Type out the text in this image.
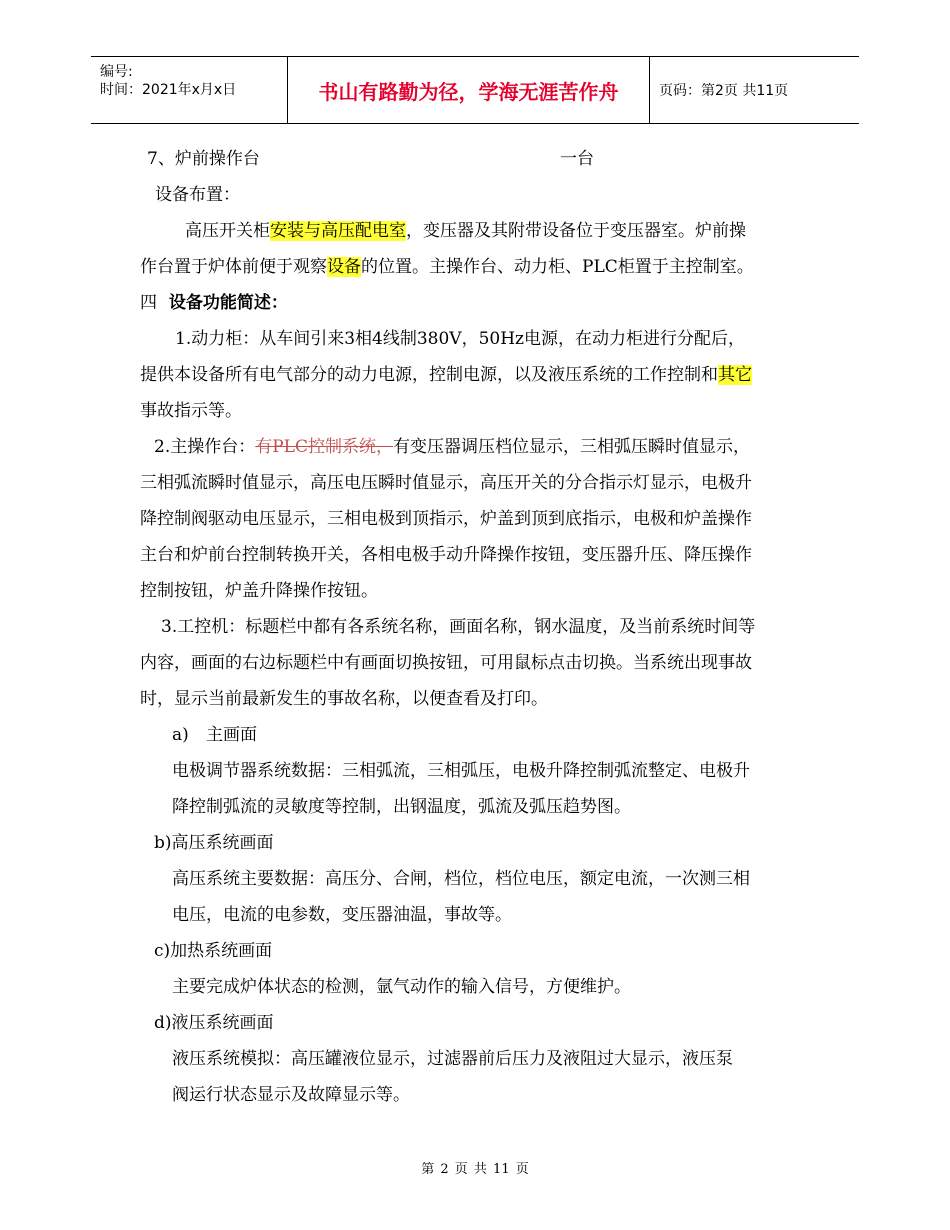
编号:
时间：2021年x月x日	书山有路勤为径，学海无涯苦作舟	页码：第2页 共11页
7、炉前操作台	一台
设备布置：
高压开关柜安装与高压配电室，变压器及其附带设备位于变压器室。炉前操
作台置于炉体前便于观察设备的位置。主操作台、动力柜、PLC柜置于主控制室。
四 设备功能简述：
1.动力柜：从车间引来3相4线制380V，50Hz电源，在动力柜进行分配后，
提供本设备所有电气部分的动力电源，控制电源，以及液压系统的工作控制和其它
事故指示等。
2.主操作台：有PLC控制系统，有变压器调压档位显示，三相弧压瞬时值显示，
三相弧流瞬时值显示，高压电压瞬时值显示，高压开关的分合指示灯显示，电极升
降控制阀驱动电压显示，三相电极到顶指示，炉盖到顶到底指示，电极和炉盖操作
主台和炉前台控制转换开关，各相电极手动升降操作按钮，变压器升压、降压操作
控制按钮，炉盖升降操作按钮。
3.工控机：标题栏中都有各系统名称，画面名称，钢水温度，及当前系统时间等
内容，画面的右边标题栏中有画面切换按钮，可用鼠标点击切换。当系统出现事故
时，显示当前最新发生的事故名称，以便查看及打印。
a) 主画面
电极调节器系统数据：三相弧流，三相弧压，电极升降控制弧流整定、电极升
降控制弧流的灵敏度等控制，出钢温度，弧流及弧压趋势图。
b)高压系统画面
高压系统主要数据：高压分、合闸，档位，档位电压，额定电流，一次测三相
电压，电流的电参数，变压器油温，事故等。
c)加热系统画面
主要完成炉体状态的检测，氩气动作的输入信号，方便维护。
d)液压系统画面
液压系统模拟：高压罐液位显示，过滤器前后压力及液阻过大显示，液压泵
阀运行状态显示及故障显示等。
第 2 页 共 11 页
